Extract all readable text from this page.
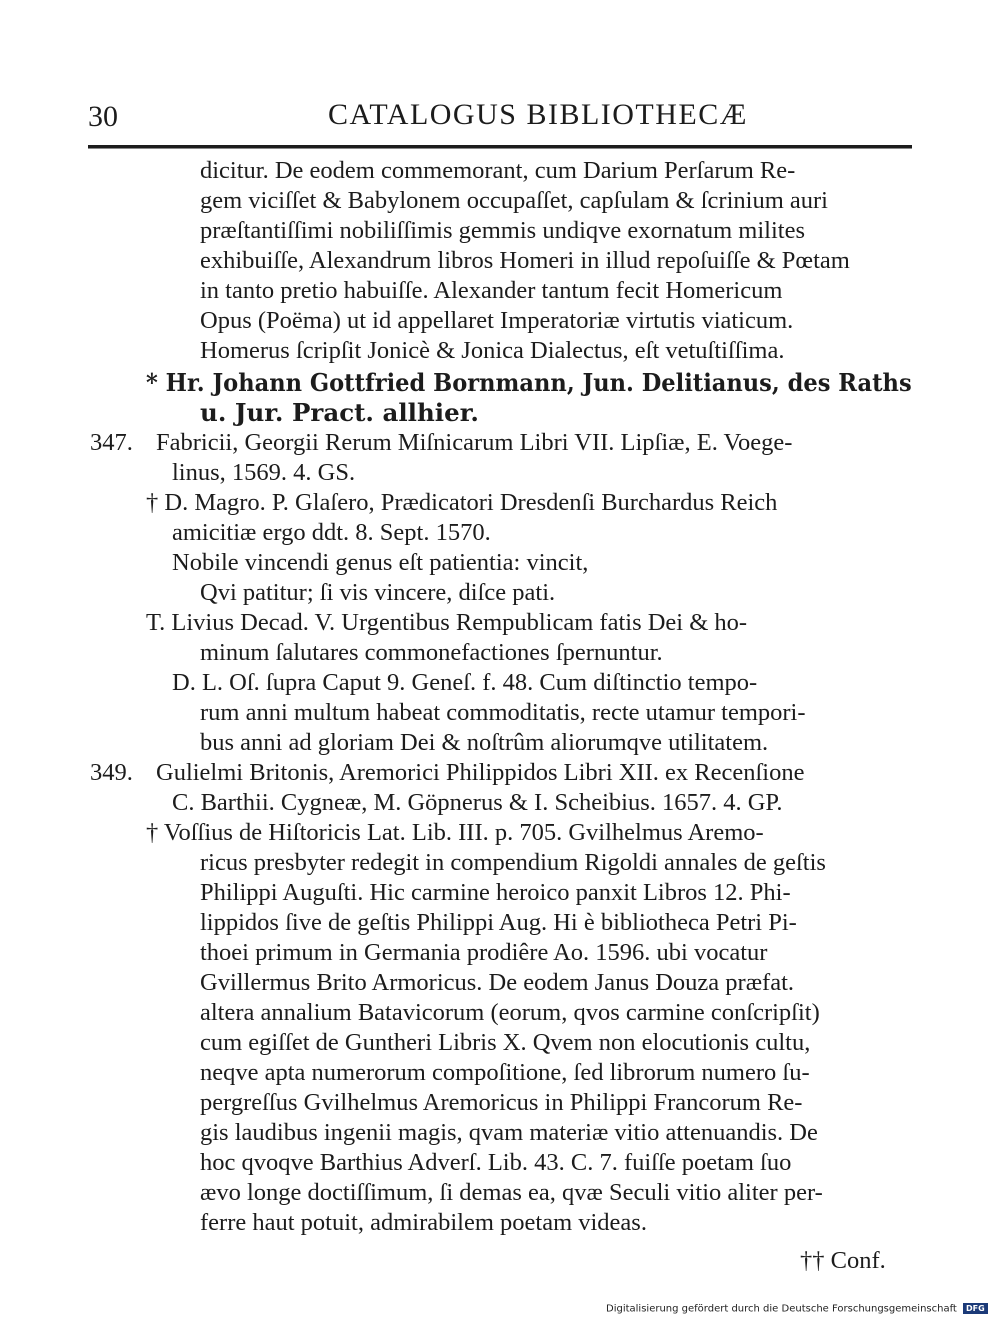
30	CATALOGUS BIBLIOTHECÆ
dicitur. De eodem commemorant, cum Darium Perſarum Re-
gem viciſſet & Babylonem occupaſſet, capſulam & ſcrinium auri
præſtantiſſimi nobiliſſimis gemmis undiqve exornatum milites
exhibuiſſe, Alexandrum libros Homeri in illud repoſuiſſe & Pœtam
in tanto pretio habuiſſe. Alexander tantum fecit Homericum
Opus (Poëma) ut id appellaret Imperatoriæ virtutis viaticum.
Homerus ſcripſit Jonicè & Jonica Dialectus, eſt vetuſtiſſima.
* Hr. Johann Gottfried Bornmann, Jun. Delitianus, des Raths
u. Jur. Pract. allhier.
347. Fabricii, Georgii Rerum Miſnicarum Libri VII. Lipſiæ, E. Voege-
linus, 1569. 4. GS.
† D. Magro. P. Glaſero, Prædicatori Dresdenſi Burchardus Reich
amicitiæ ergo ddt. 8. Sept. 1570.
Nobile vincendi genus eſt patientia: vincit,
Qvi patitur; ſi vis vincere, diſce pati.
T. Livius Decad. V. Urgentibus Rempublicam fatis Dei & ho-
minum ſalutares commonefactiones ſpernuntur.
D. L. Oſ. ſupra Caput 9. Geneſ. f. 48. Cum diſtinctio tempo-
rum anni multum habeat commoditatis, recte utamur tempori-
bus anni ad gloriam Dei & noſtrûm aliorumqve utilitatem.
349. Gulielmi Britonis, Aremorici Philippidos Libri XII. ex Recenſione
C. Barthii. Cygneæ, M. Göpnerus & I. Scheibius. 1657. 4. GP.
† Voſſius de Hiſtoricis Lat. Lib. III. p. 705. Gvilhelmus Aremo-
ricus presbyter redegit in compendium Rigoldi annales de geſtis
Philippi Auguſti. Hic carmine heroico panxit Libros 12. Phi-
lippidos ſive de geſtis Philippi Aug. Hi è bibliotheca Petri Pi-
thoei primum in Germania prodiêre Ao. 1596. ubi vocatur
Gvillermus Brito Armoricus. De eodem Janus Douza præfat.
altera annalium Batavicorum (eorum, qvos carmine conſcripſit)
cum egiſſet de Guntheri Libris X. Qvem non elocutionis cultu,
neqve apta numerorum compoſitione, ſed librorum numero ſu-
pergreſſus Gvilhelmus Aremoricus in Philippi Francorum Re-
gis laudibus ingenii magis, qvam materiæ vitio attenuandis. De
hoc qvoqve Barthius Adverſ. Lib. 43. C. 7. fuiſſe poetam ſuo
ævo longe doctiſſimum, ſi demas ea, qvæ Seculi vitio aliter per-
ferre haut potuit, admirabilem poetam videas.
†† Conf.
Digitalisierung gefördert durch die Deutsche Forschungsgemeinschaft DFG
